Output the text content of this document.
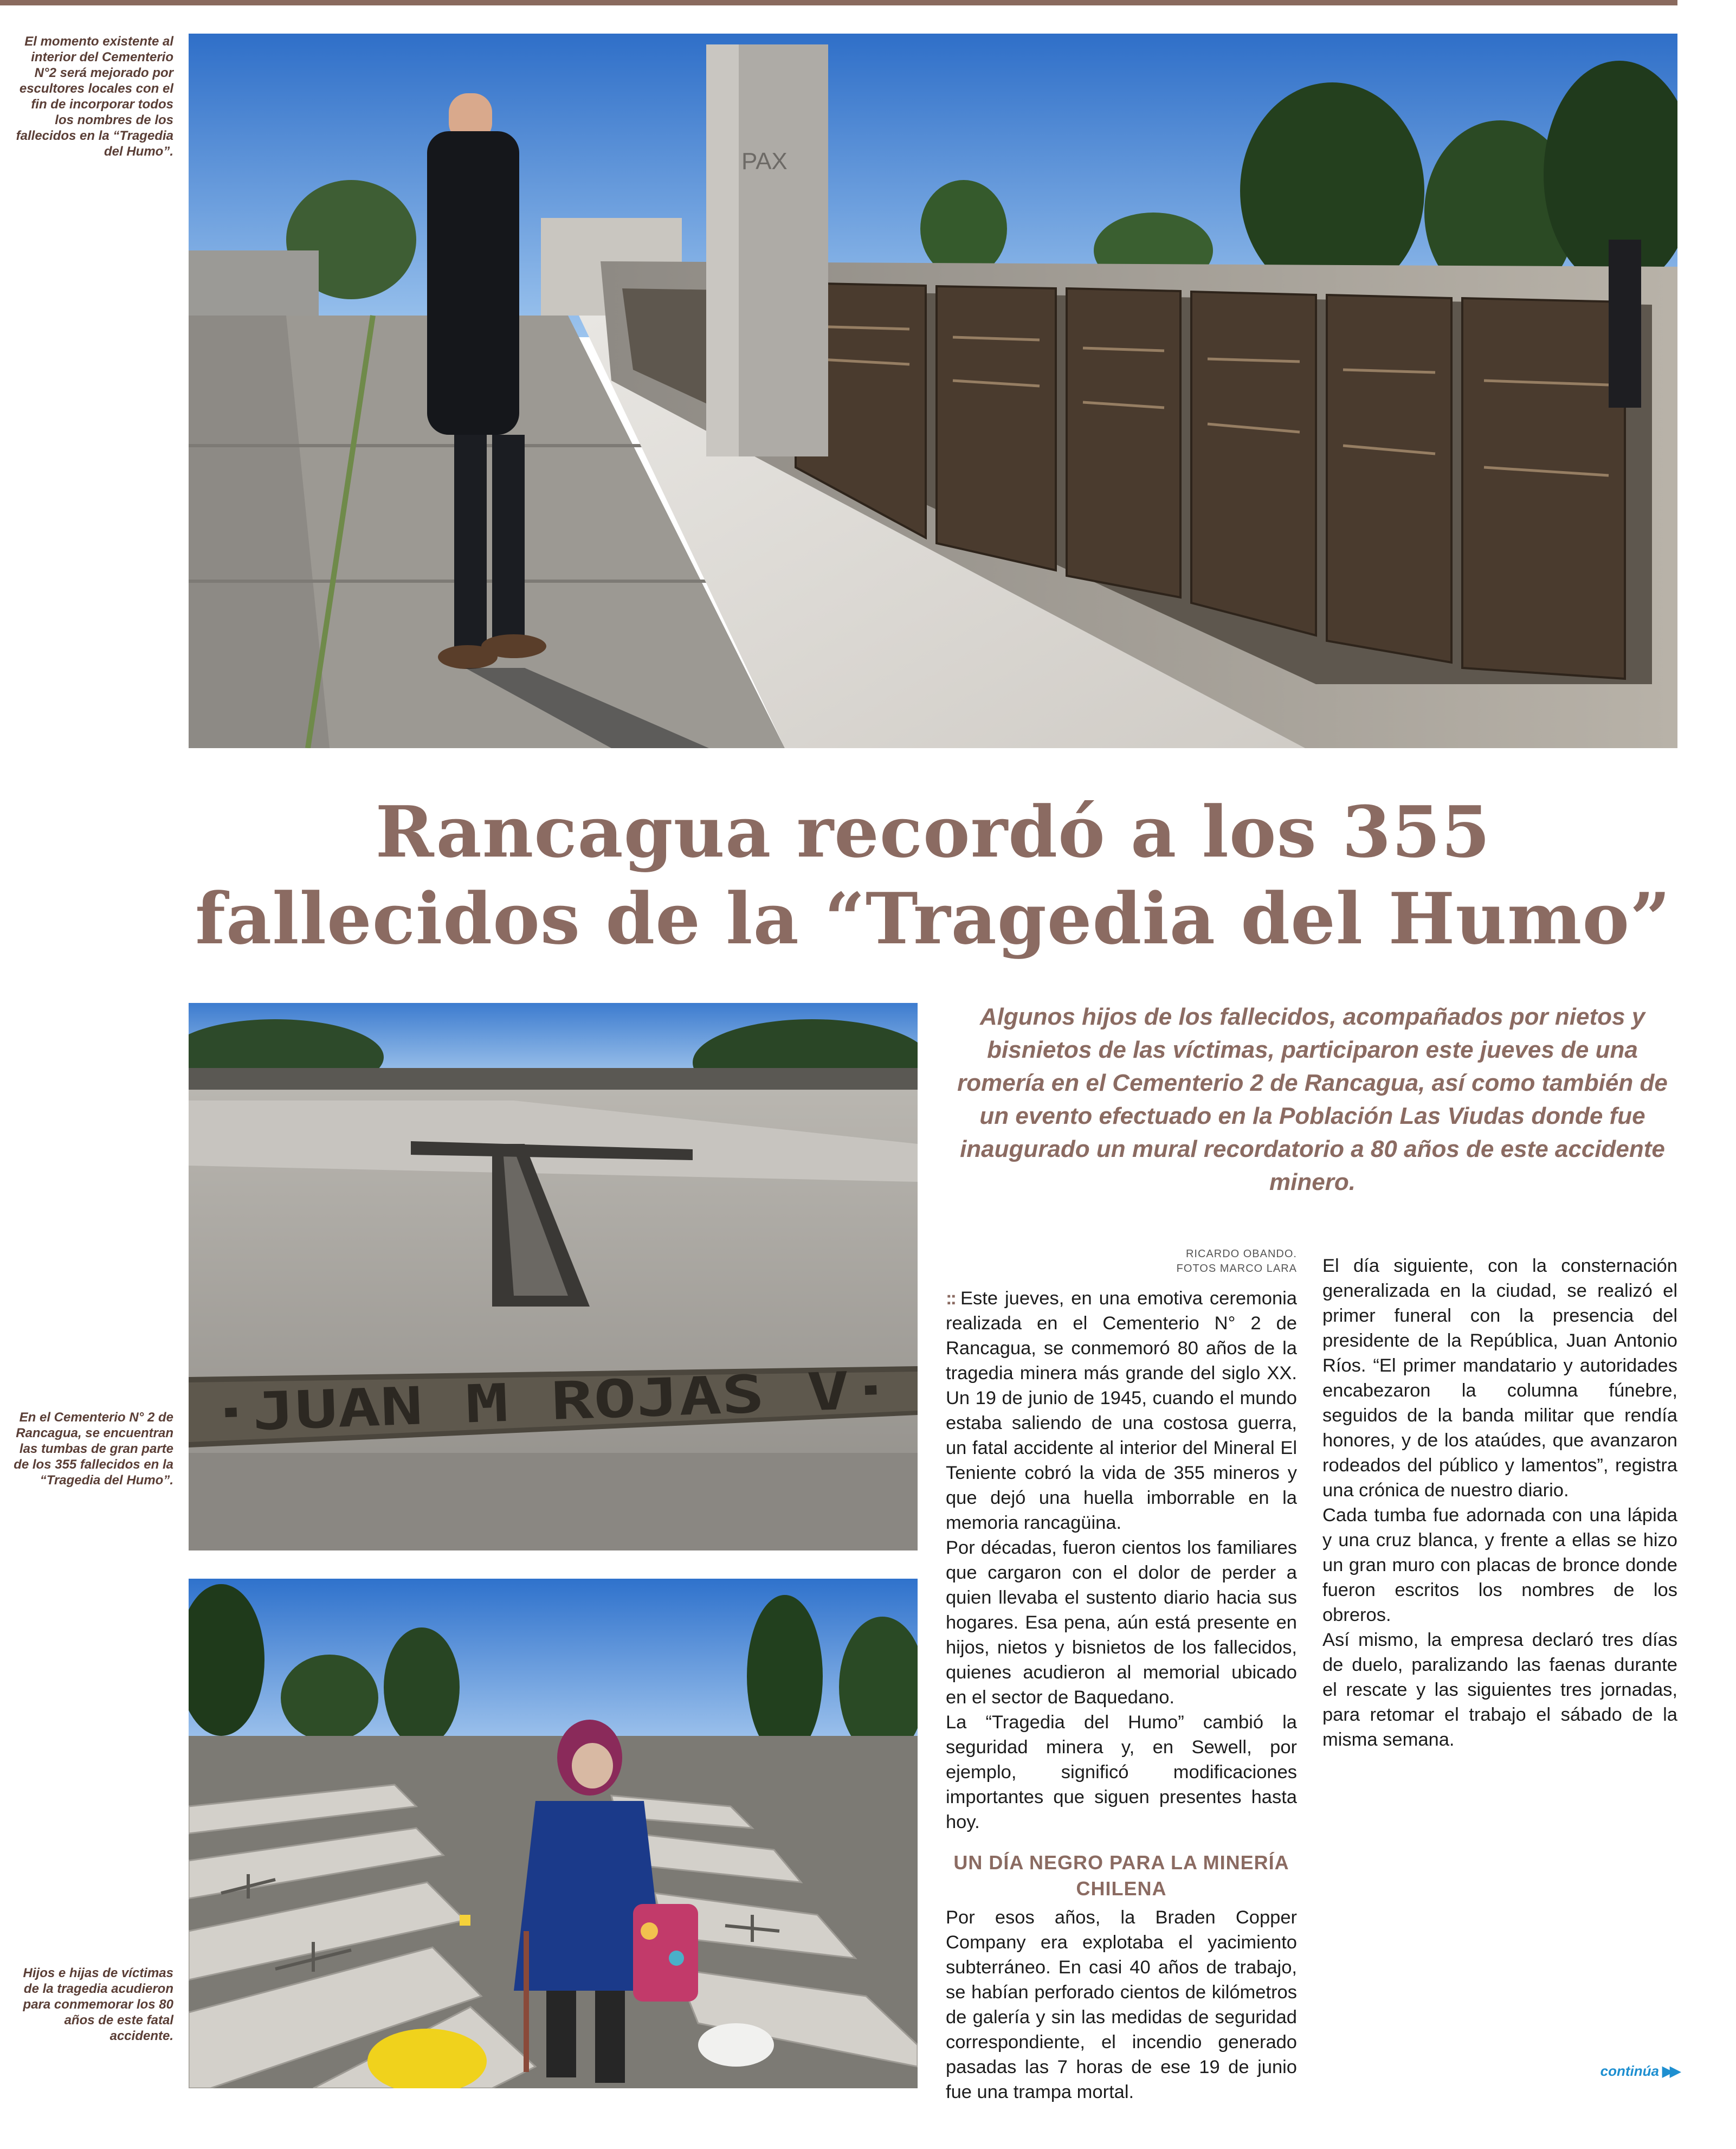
PAX
El momento existente al interior del Cementerio N°2 será mejorado por escultores locales con el fin de incorporar todos los nombres de los fallecidos en la “Tragedia del Humo”.
Rancagua recordó a los 355
fallecidos de la “Tragedia del Humo”
·JUAN M ROJAS V·
En el Cementerio N° 2 de Rancagua, se encuentran las tumbas de gran parte de los 355 fallecidos en la “Tragedia del Humo”.
Hijos e hijas de víctimas de la tragedia acudieron para conmemorar los 80 años de este fatal accidente.
Algunos hijos de los fallecidos, acompañados por nietos y bisnietos de las víctimas, participaron este jueves de una romería en el Cementerio 2 de Rancagua, así como también de un evento efectuado en la Población Las Viudas donde fue inaugurado un mural recordatorio a 80 años de este accidente minero.
RICARDO OBANDO.
FOTOS MARCO LARA

:: Este jueves, en una emotiva ceremonia realizada en el Cementerio N° 2 de Rancagua, se conmemoró 80 años de la tragedia minera más grande del siglo XX. Un 19 de junio de 1945, cuando el mundo estaba saliendo de una costosa guerra, un fatal accidente al interior del Mineral El Teniente cobró la vida de 355 mineros y que dejó una huella imborrable en la memoria rancagüina.

Por décadas, fueron cientos los familiares que cargaron con el dolor de perder a quien llevaba el sustento diario hacia sus hogares. Esa pena, aún está presente en hijos, nietos y bisnietos de los fallecidos, quienes acudieron al memorial ubicado en el sector de Baquedano.

La “Tragedia del Humo” cambió la seguridad minera y, en Sewell, por ejemplo, significó modificaciones importantes que siguen presentes hasta hoy.

UN DÍA NEGRO PARA LA MINERÍA CHILENA

Por esos años, la Braden Copper Company era explotaba el yacimiento subterráneo. En casi 40 años de trabajo, se habían perforado cientos de kilómetros de galería y sin las medidas de seguridad correspondiente, el incendio generado pasadas las 7 horas de ese 19 de junio fue una trampa mortal.

El día siguiente, con la consternación generalizada en la ciudad, se realizó el primer funeral con la presencia del presidente de la República, Juan Antonio Ríos. “El primer mandatario y autoridades encabezaron la columna fúnebre, seguidos de la banda militar que rendía honores, y de los ataúdes, que avanzaron rodeados del público y lamentos”, registra una crónica de nuestro diario.

Cada tumba fue adornada con una lápida y una cruz blanca, y frente a ellas se hizo un gran muro con placas de bronce donde fueron escritos los nombres de los obreros.

Así mismo, la empresa declaró tres días de duelo, paralizando las faenas durante el rescate y las siguientes tres jornadas, para retomar el trabajo el sábado de la misma semana.

continúa ▶▶
